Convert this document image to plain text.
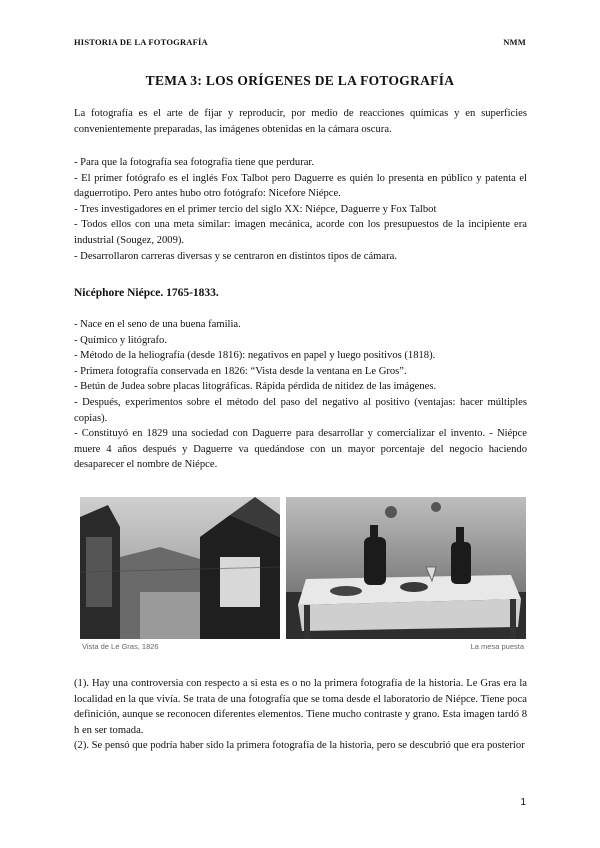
HISTORIA DE LA FOTOGRAFÍA	NMM
TEMA 3: LOS ORÍGENES DE LA FOTOGRAFÍA

La fotografía es el arte de fijar y reproducir, por medio de reacciones químicas y en superficies convenientemente preparadas, las imágenes obtenidas en la cámara oscura.

- Para que la fotografía sea fotografía tiene que perdurar.

- El primer fotógrafo es el inglés Fox Talbot pero Daguerre es quién lo presenta en público y patenta el daguerrotipo. Pero antes hubo otro fotógrafo: Nicefore Niépce.

- Tres investigadores en el primer tercio del siglo XX: Niépce, Daguerre y Fox Talbot

- Todos ellos con una meta similar: imagen mecánica, acorde con los presupuestos de la incipiente era industrial (Sougez, 2009).

- Desarrollaron carreras diversas y se centraron en distintos tipos de cámara.

Nicéphore Niépce. 1765-1833.

- Nace en el seno de una buena familia.

- Químico y litógrafo.

- Método de la heliografía (desde 1816): negativos en papel y luego positivos (1818).

- Primera fotografía conservada en 1826: “Vista desde la ventana en Le Gros”.

- Betún de Judea sobre placas litográficas. Rápida pérdida de nitidez de las imágenes.

- Después, experimentos sobre el método del paso del negativo al positivo (ventajas: hacer múltiples copias).

- Constituyó en 1829 una sociedad con Daguerre para desarrollar y comercializar el invento. - Niépce muere 4 años después y Daguerre va quedándose con un mayor porcentaje del negocio haciendo desaparecer el nombre de Niépce.

Vista de Le Gras, 1826	La mesa puesta

(1). Hay una controversia con respecto a si esta es o no la primera fotografía de la historia. Le Gras era la localidad en la que vivía. Se trata de una fotografía que se toma desde el laboratorio de Niépce. Tiene poca definición, aunque se reconocen diferentes elementos. Tiene mucho contraste y grano. Esta imagen tardó 8 h en ser tomada.

(2). Se pensó que podría haber sido la primera fotografía de la historia, pero se descubrió que era posterior

1
